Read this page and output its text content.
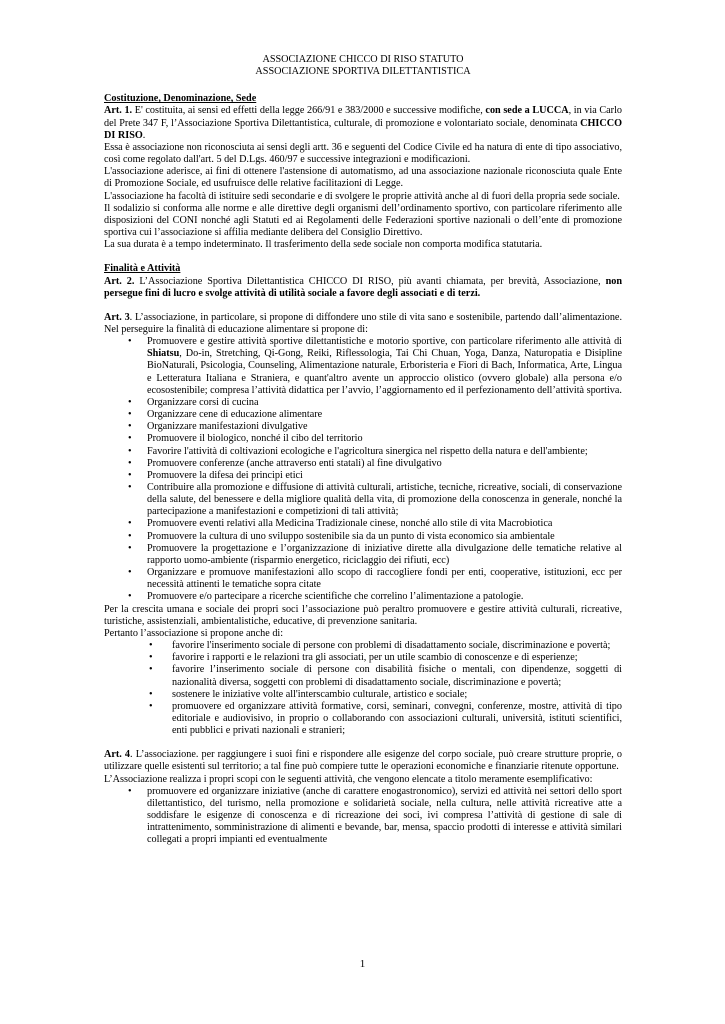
ASSOCIAZIONE CHICCO DI RISO STATUTO

ASSOCIAZIONE SPORTIVA DILETTANTISTICA

Costituzione, Denominazione, Sede

Art. 1. E' costituita, ai sensi ed effetti della legge 266/91 e 383/2000 e successive modifiche, con sede a LUCCA, in via Carlo del Prete 347 F, l’Associazione Sportiva Dilettantistica, culturale, di promozione e volontariato sociale, denominata CHICCO DI RISO.

Essa è associazione non riconosciuta ai sensi degli artt. 36 e seguenti del Codice Civile ed ha natura di ente di tipo associativo, così come regolato dall'art. 5 del D.Lgs. 460/97 e successive integrazioni e modificazioni.

L'associazione aderisce, ai fini di ottenere l'astensione di automatismo, ad una associazione nazionale riconosciuta quale Ente di Promozione Sociale, ed usufruisce delle relative facilitazioni di Legge.

L'associazione ha facoltà di istituire sedi secondarie e di svolgere le proprie attività anche al di fuori della propria sede sociale.

Il sodalizio si conforma alle norme e alle direttive degli organismi dell’ordinamento sportivo, con particolare riferimento alle disposizioni del CONI nonché agli Statuti ed ai Regolamenti delle Federazioni sportive nazionali o dell’ente di promozione sportiva cui l’associazione si affilia mediante delibera del Consiglio Direttivo.

La sua durata è a tempo indeterminato. Il trasferimento della sede sociale non comporta modifica statutaria.

Finalità e Attività

Art. 2. L’Associazione Sportiva Dilettantistica CHICCO DI RISO, più avanti chiamata, per brevità, Associazione, non persegue fini di lucro e svolge attività di utilità sociale a favore degli associati e di terzi.

Art. 3. L’associazione, in particolare, si propone di diffondere uno stile di vita sano e sostenibile, partendo dall’alimentazione. Nel perseguire la finalità di educazione alimentare si propone di:

• Promuovere e gestire attività sportive dilettantistiche e motorio sportive, con particolare riferimento alle attività di Shiatsu, Do-in, Stretching, Qi-Gong, Reiki, Riflessologia, Tai Chi Chuan, Yoga, Danza, Naturopatia e Disipline BioNaturali, Psicologia, Counseling, Alimentazione naturale, Erboristeria e Fiori di Bach, Informatica, Arte, Lingua e Letteratura Italiana e Straniera, e quant'altro avente un approccio olistico (ovvero globale) alla persona e/o ecosostenibile; compresa l’attività didattica per l’avvio, l’aggiornamento ed il perfezionamento dell’attività sportiva.
• Organizzare corsi di cucina
• Organizzare cene di educazione alimentare
• Organizzare manifestazioni divulgative
• Promuovere il biologico, nonché il cibo del territorio
• Favorire l'attività di coltivazioni ecologiche e l'agricoltura sinergica nel rispetto della natura e dell'ambiente;
• Promuovere conferenze (anche attraverso enti statali) al fine divulgativo
• Promuovere la difesa dei principi etici
• Contribuire alla promozione e diffusione di attività culturali, artistiche, tecniche, ricreative, sociali, di conservazione della salute, del benessere e della migliore qualità della vita, di promozione della conoscenza in generale, nonché la partecipazione a manifestazioni e competizioni di tali attività;
• Promuovere eventi relativi alla Medicina Tradizionale cinese, nonché allo stile di vita Macrobiotica
• Promuovere la cultura di uno sviluppo sostenibile sia da un punto di vista economico sia ambientale
• Promuovere la progettazione e l’organizzazione di iniziative dirette alla divulgazione delle tematiche relative al rapporto uomo-ambiente (risparmio energetico, riciclaggio dei rifiuti, ecc)
• Organizzare e promuove manifestazioni allo scopo di raccogliere fondi per enti, cooperative, istituzioni, ecc per necessità attinenti le tematiche sopra citate
• Promuovere e/o partecipare a ricerche scientifiche che correlino l’alimentazione a patologie.

Per la crescita umana e sociale dei propri soci l’associazione può peraltro promuovere e gestire attività culturali, ricreative, turistiche, assistenziali, ambientalistiche, educative, di prevenzione sanitaria.

Pertanto l’associazione si propone anche di:

• favorire l'inserimento sociale di persone con problemi di disadattamento sociale, discriminazione e povertà;
• favorire i rapporti e le relazioni tra gli associati, per un utile scambio di conoscenze e di esperienze;
• favorire l’inserimento sociale di persone con disabilità fisiche o mentali, con dipendenze, soggetti di nazionalità diversa, soggetti con problemi di disadattamento sociale, discriminazione e povertà;
• sostenere le iniziative volte all'interscambio culturale, artistico e sociale;
• promuovere ed organizzare attività formative, corsi, seminari, convegni, conferenze, mostre, attività di tipo editoriale e audiovisivo, in proprio o collaborando con associazioni culturali, università, istituti scientifici, enti pubblici e privati nazionali e stranieri;

Art. 4. L’associazione. per raggiungere i suoi fini e rispondere alle esigenze del corpo sociale, può creare strutture proprie, o utilizzare quelle esistenti sul territorio; a tal fine può compiere tutte le operazioni economiche e finanziarie ritenute opportune.

L’Associazione realizza i propri scopi con le seguenti attività, che vengono elencate a titolo meramente esemplificativo:

• promuovere ed organizzare iniziative (anche di carattere enogastronomico), servizi ed attività nei settori dello sport dilettantistico, del turismo, nella promozione e solidarietà sociale, nella cultura, nelle attività ricreative atte a soddisfare le esigenze di conoscenza e di ricreazione dei soci, ivi compresa l’attività di gestione di sale di intrattenimento, somministrazione di alimenti e bevande, bar, mensa, spaccio prodotti di interesse e attività similari collegati a propri impianti ed eventualmente
1
